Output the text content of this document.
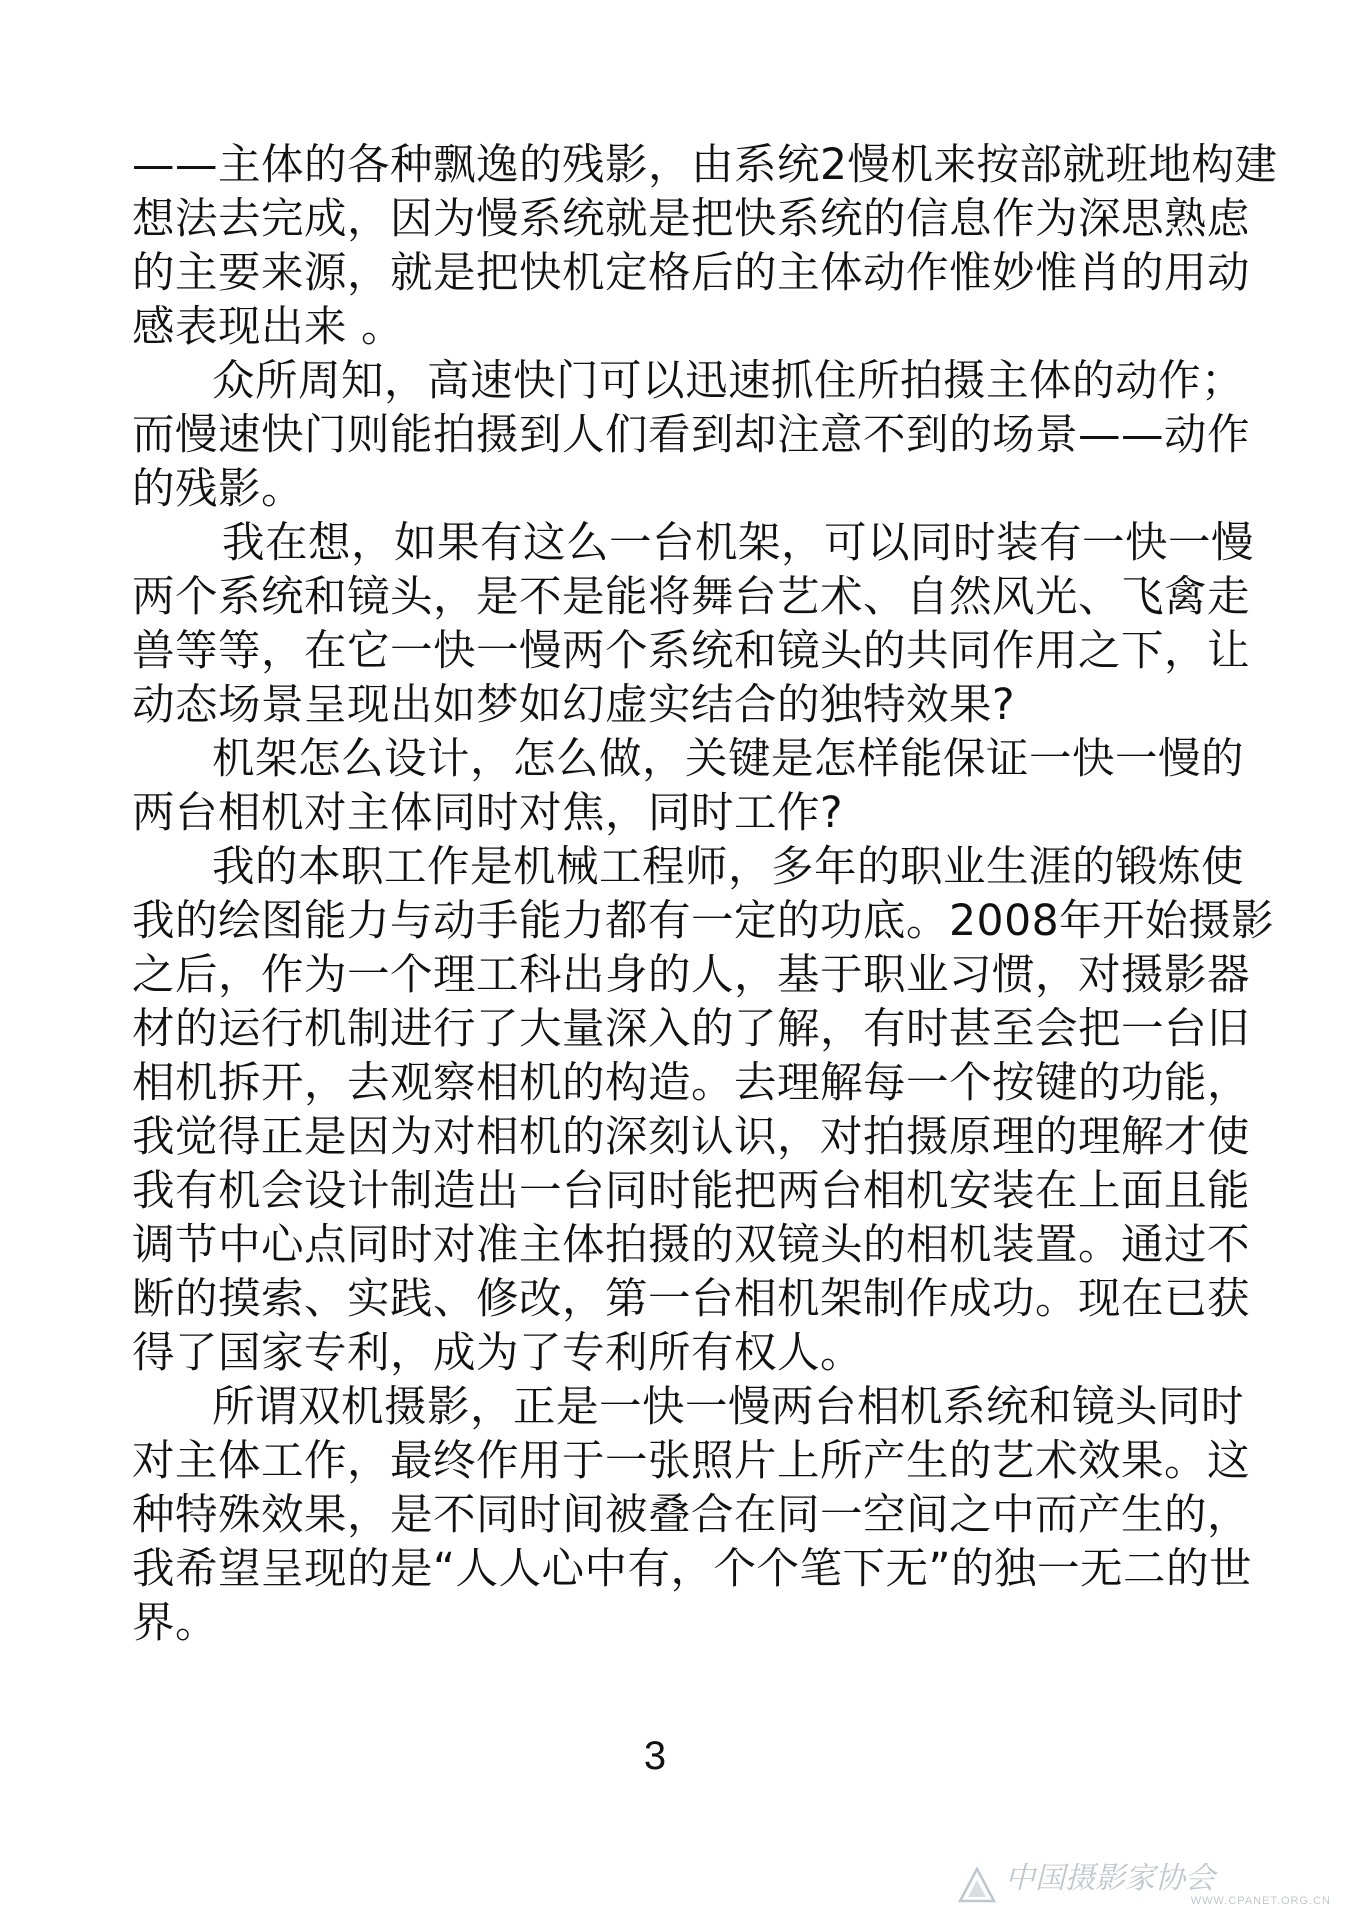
——主体的各种飘逸的残影，由系统2慢机来按部就班地构建
想法去完成，因为慢系统就是把快系统的信息作为深思熟虑
的主要来源，就是把快机定格后的主体动作惟妙惟肖的用动
感表现出来 。
众所周知，高速快门可以迅速抓住所拍摄主体的动作；
而慢速快门则能拍摄到人们看到却注意不到的场景——动作
的残影。
我在想，如果有这么一台机架，可以同时装有一快一慢
两个系统和镜头，是不是能将舞台艺术、自然风光、飞禽走
兽等等，在它一快一慢两个系统和镜头的共同作用之下，让
动态场景呈现出如梦如幻虚实结合的独特效果?
机架怎么设计，怎么做，关键是怎样能保证一快一慢的
两台相机对主体同时对焦，同时工作?
我的本职工作是机械工程师，多年的职业生涯的锻炼使
我的绘图能力与动手能力都有一定的功底。2008年开始摄影
之后，作为一个理工科出身的人，基于职业习惯，对摄影器
材的运行机制进行了大量深入的了解，有时甚至会把一台旧
相机拆开，去观察相机的构造。去理解每一个按键的功能，
我觉得正是因为对相机的深刻认识，对拍摄原理的理解才使
我有机会设计制造出一台同时能把两台相机安装在上面且能
调节中心点同时对准主体拍摄的双镜头的相机装置。通过不
断的摸索、实践、修改，第一台相机架制作成功。现在已获
得了国家专利，成为了专利所有权人。
所谓双机摄影，正是一快一慢两台相机系统和镜头同时
对主体工作，最终作用于一张照片上所产生的艺术效果。这
种特殊效果，是不同时间被叠合在同一空间之中而产生的，
我希望呈现的是“人人心中有，个个笔下无”的独一无二的世
界。
3
中国摄影家协会
WWW.CPANET.ORG.CN
